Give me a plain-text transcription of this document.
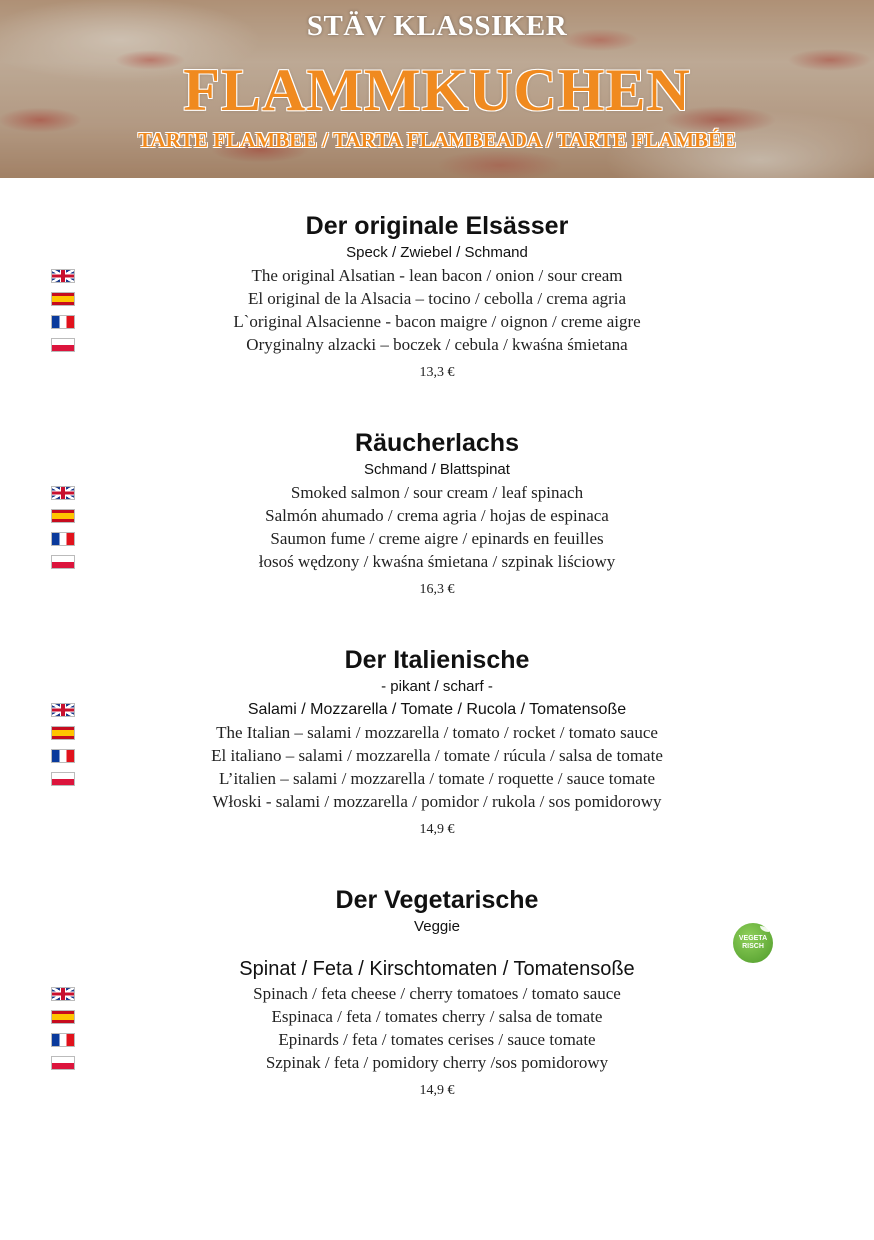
STÄV KLASSIKER
FLAMMKUCHEN
TARTE FLAMBEE / TARTA FLAMBEADA / TARTE FLAMBÉE
Der originale Elsässer
Speck / Zwiebel / Schmand
The original Alsatian - lean bacon / onion / sour cream
El original de la Alsacia – tocino / cebolla / crema agria
L`original Alsacienne - bacon maigre / oignon / creme aigre
Oryginalny alzacki – boczek / cebula / kwaśna śmietana
13,3 €
Räucherlachs
Schmand / Blattspinat
Smoked salmon / sour cream / leaf spinach
Salmón ahumado / crema agria / hojas de espinaca
Saumon fume / creme aigre / epinards en feuilles
łosoś wędzony / kwaśna śmietana / szpinak liściowy
16,3 €
Der Italienische
- pikant / scharf -
Salami / Mozzarella / Tomate / Rucola / Tomatensoße
The Italian – salami / mozzarella / tomato / rocket / tomato sauce
El italiano – salami / mozzarella / tomate / rúcula / salsa de tomate
L’italien – salami / mozzarella / tomate / roquette / sauce tomate
Włoski - salami / mozzarella / pomidor / rukola / sos pomidorowy
14,9 €
Der Vegetarische
Veggie
Spinat / Feta / Kirschtomaten / Tomatensoße
Spinach / feta cheese / cherry tomatoes / tomato sauce
Espinaca / feta / tomates cherry / salsa de tomate
Epinards / feta / tomates cerises / sauce tomate
Szpinak / feta / pomidory cherry /sos pomidorowy
14,9 €
VEGETA
RISCH
